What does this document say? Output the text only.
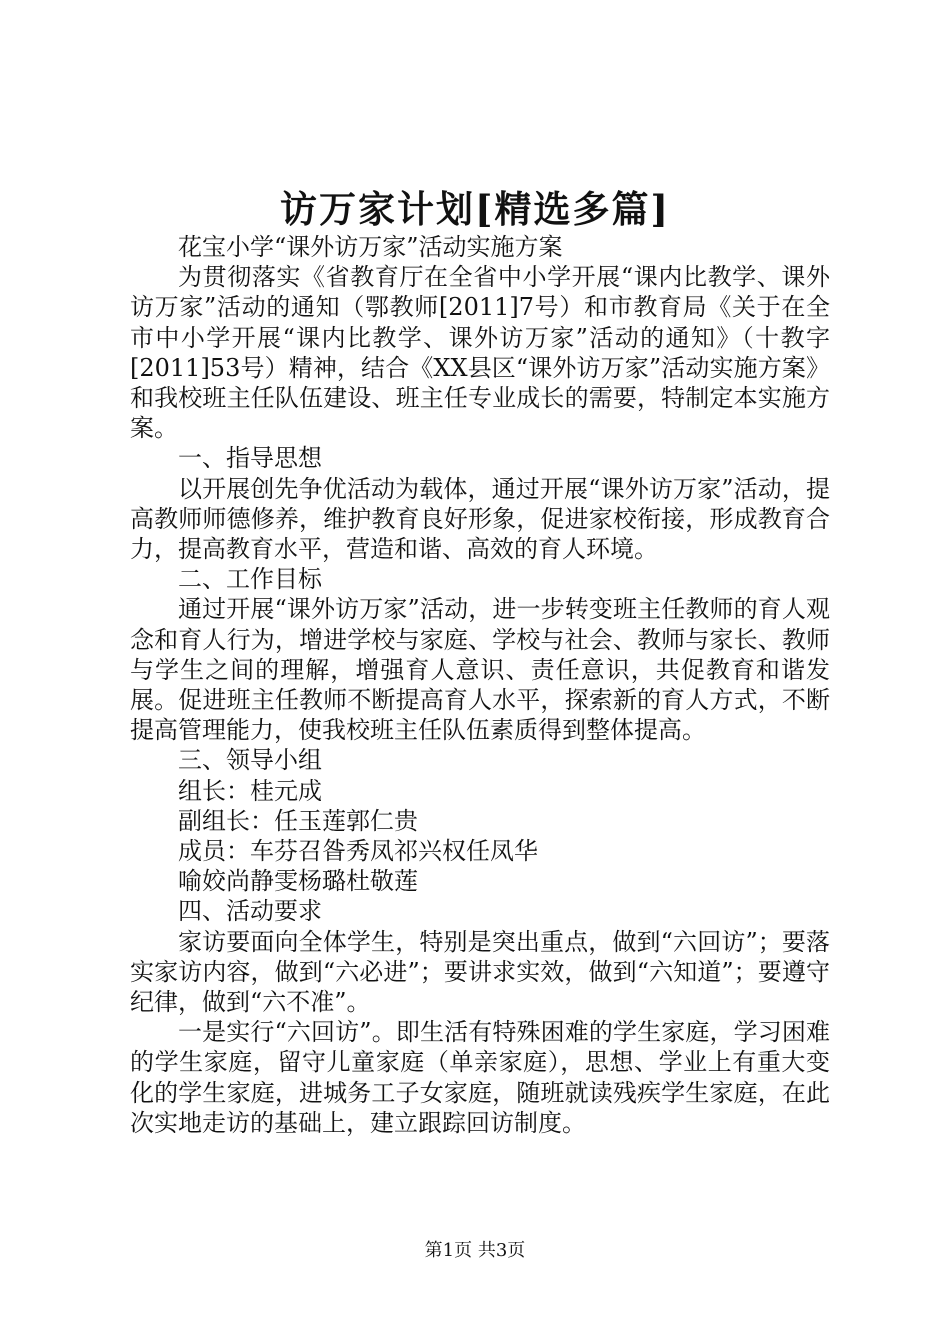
访万家计划[精选多篇]

花宝小学“课外访万家”活动实施方案

为贯彻落实《省教育厅在全省中小学开展“课内比教学、课外访万家”活动的通知（鄂教师[2011]7号）和市教育局《关于在全市中小学开展“课内比教学、课外访万家”活动的通知》（十教字[2011]53号）精神，结合《XX县区“课外访万家”活动实施方案》和我校班主任队伍建设、班主任专业成长的需要，特制定本实施方案。

一、指导思想

以开展创先争优活动为载体，通过开展“课外访万家”活动，提高教师师德修养，维护教育良好形象，促进家校衔接，形成教育合力，提高教育水平，营造和谐、高效的育人环境。

二、工作目标

通过开展“课外访万家”活动，进一步转变班主任教师的育人观念和育人行为，增进学校与家庭、学校与社会、教师与家长、教师与学生之间的理解，增强育人意识、责任意识，共促教育和谐发展。促进班主任教师不断提高育人水平，探索新的育人方式，不断提高管理能力，使我校班主任队伍素质得到整体提高。

三、领导小组

组长：桂元成

副组长：任玉莲郭仁贵

成员：车芬召昝秀凤祁兴权任凤华

喻姣尚静雯杨璐杜敬莲

四、活动要求

家访要面向全体学生，特别是突出重点，做到“六回访”；要落实家访内容，做到“六必进”；要讲求实效，做到“六知道”；要遵守纪律，做到“六不准”。

一是实行“六回访”。即生活有特殊困难的学生家庭，学习困难的学生家庭，留守儿童家庭（单亲家庭），思想、学业上有重大变化的学生家庭，进城务工子女家庭，随班就读残疾学生家庭，在此次实地走访的基础上，建立跟踪回访制度。

第1页 共3页
